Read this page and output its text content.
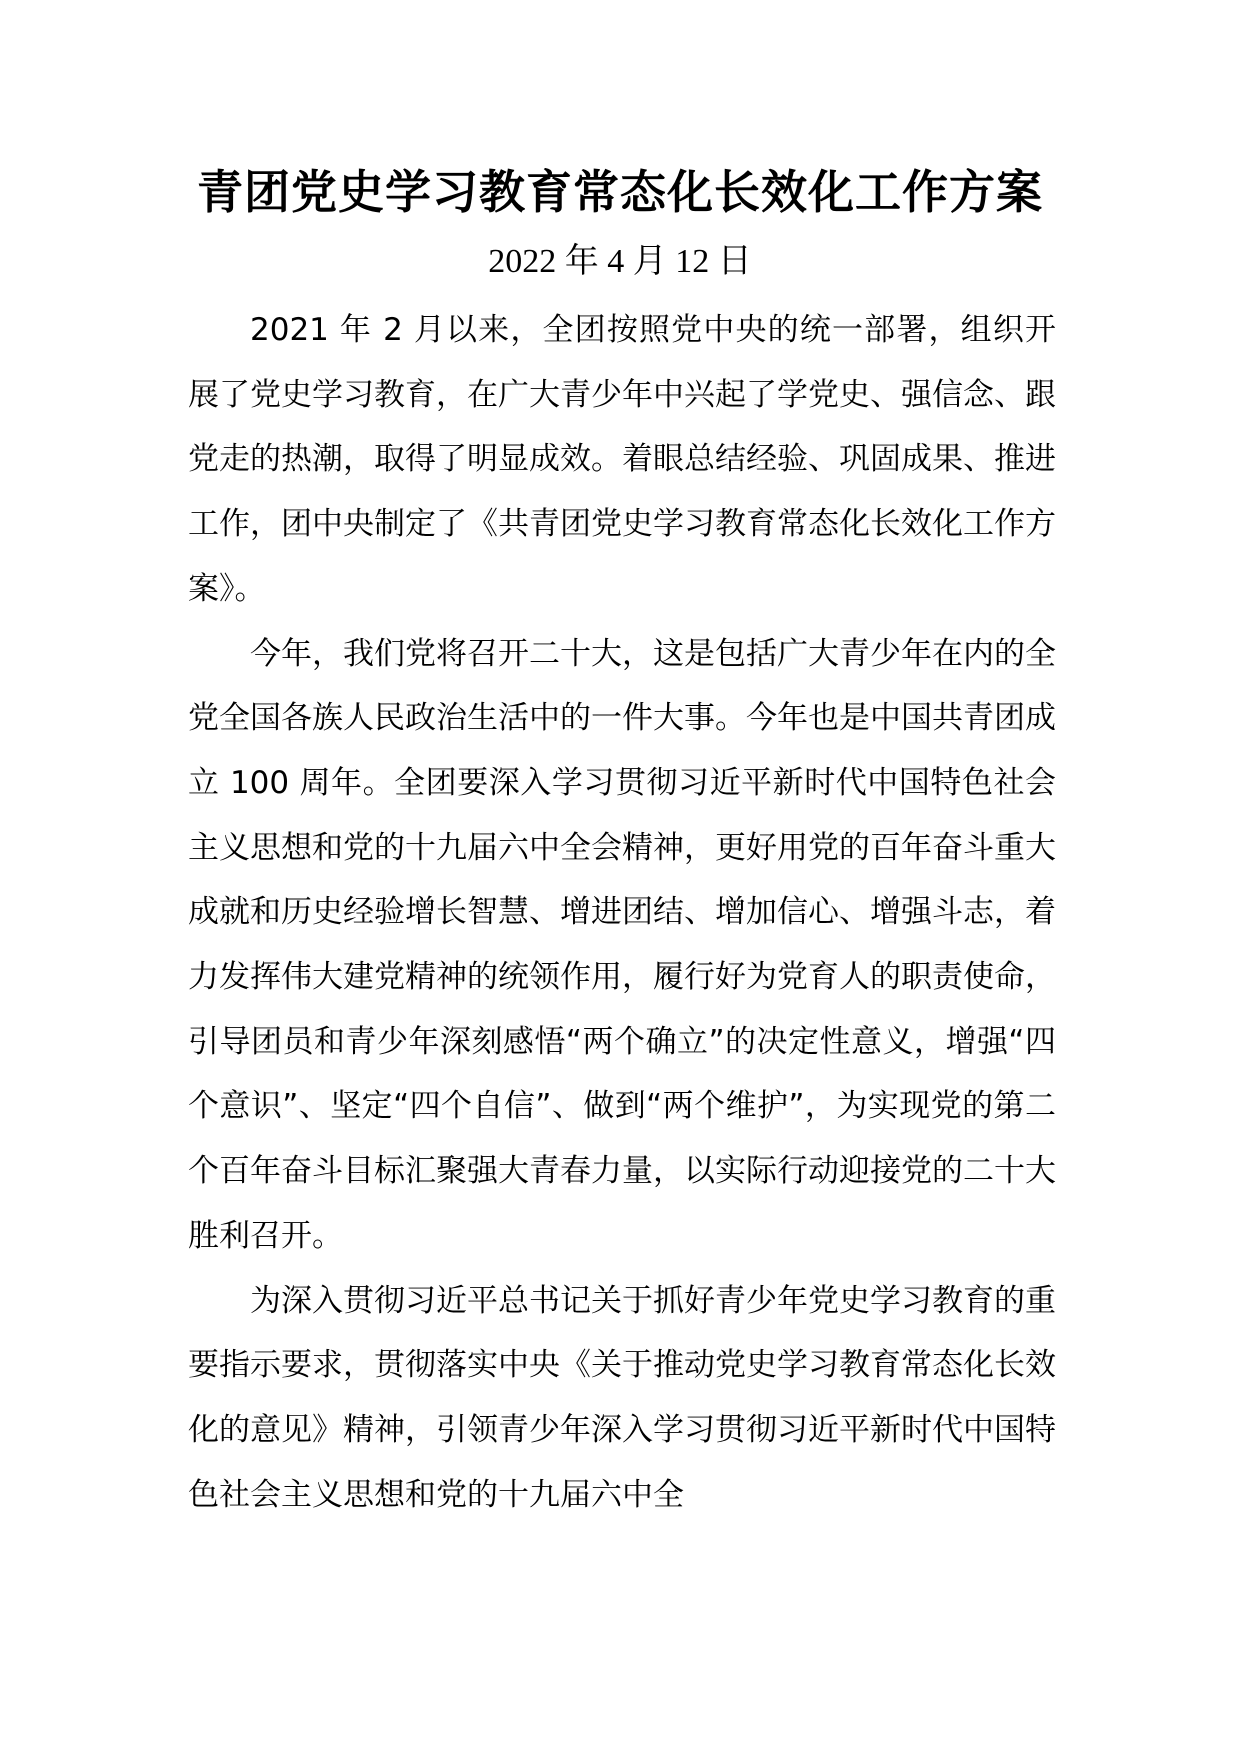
青团党史学习教育常态化长效化工作方案
2022 年 4 月 12 日

2021 年 2 月以来，全团按照党中央的统一部署，组织开展了党史学习教育，在广大青少年中兴起了学党史、强信念、跟党走的热潮，取得了明显成效。着眼总结经验、巩固成果、推进工作，团中央制定了《共青团党史学习教育常态化长效化工作方案》。

今年，我们党将召开二十大，这是包括广大青少年在内的全党全国各族人民政治生活中的一件大事。今年也是中国共青团成立 100 周年。全团要深入学习贯彻习近平新时代中国特色社会主义思想和党的十九届六中全会精神，更好用党的百年奋斗重大成就和历史经验增长智慧、增进团结、增加信心、增强斗志，着力发挥伟大建党精神的统领作用，履行好为党育人的职责使命，引导团员和青少年深刻感悟“两个确立”的决定性意义，增强“四个意识”、坚定“四个自信”、做到“两个维护”，为实现党的第二个百年奋斗目标汇聚强大青春力量，以实际行动迎接党的二十大胜利召开。

为深入贯彻习近平总书记关于抓好青少年党史学习教育的重要指示要求，贯彻落实中央《关于推动党史学习教育常态化长效化的意见》精神，引领青少年深入学习贯彻习近平新时代中国特色社会主义思想和党的十九届六中全
